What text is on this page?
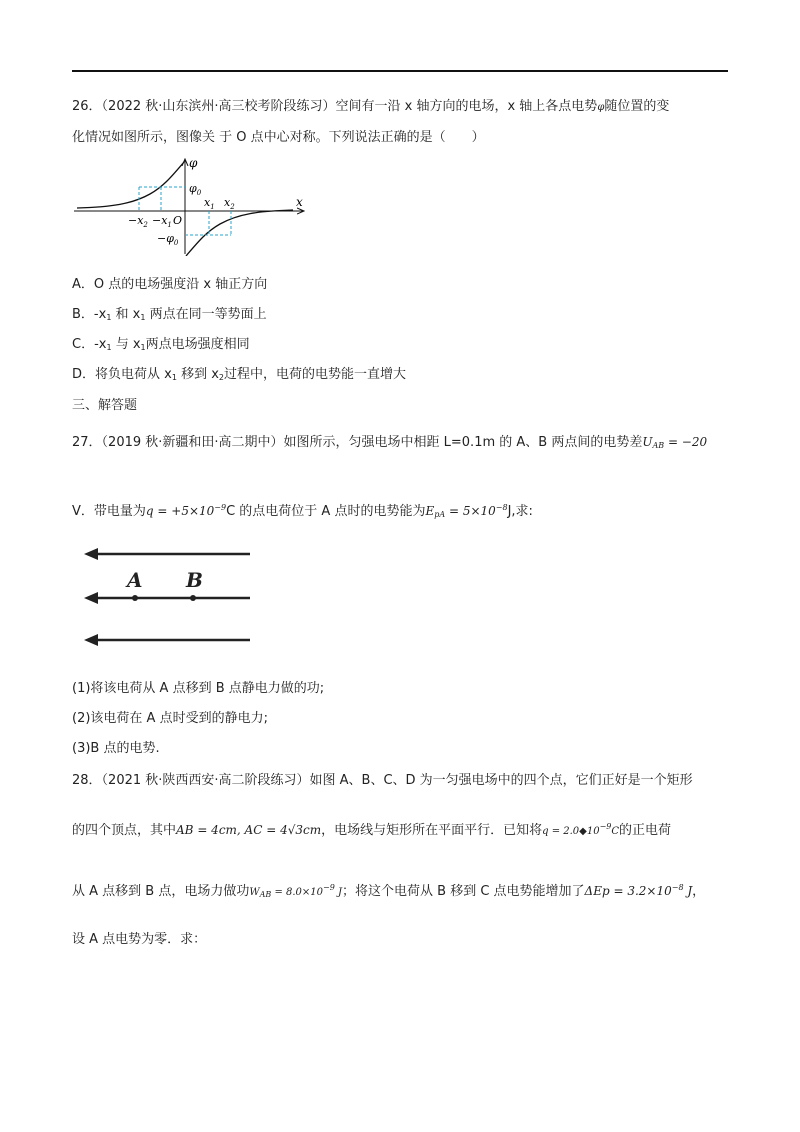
26．（2022 秋·山东滨州·高三校考阶段练习）空间有一沿 x 轴方向的电场，x 轴上各点电势φ随位置的变
化情况如图所示，图像关 于 O 点中心对称。下列说法正确的是（　　）
φ
$\varphi_0$
$-\varphi_0$
x
$x_1$ $x_2$
$-x_2 -x_1$ O
A．O 点的电场强度沿 x 轴正方向
B．$-x_1$ 和 $x_1$ 两点在同一等势面上
C．$-x_1$ 与 $x_1$两点电场强度相同
D．将负电荷从 $x_1$ 移到 $x_2$过程中，电荷的电势能一直增大
三、解答题
27．（2019 秋·新疆和田·高二期中）如图所示，匀强电场中相距 L=0.1m 的 A、B 两点间的电势差$U_{AB} = -20$
V．带电量为$q = +5\times 10^{-9}C$ 的点电荷位于 A 点时的电势能为$E_{pA} = 5\times 10^{-8}J$,求:
A B
(1)将该电荷从 A 点移到 B 点静电力做的功;
(2)该电荷在 A 点时受到的静电力;
(3)B 点的电势.
28．（2021 秋·陕西西安·高二阶段练习）如图 A、B、C、D 为一匀强电场中的四个点，它们正好是一个矩形
的四个顶点，其中AB = 4cm, AC = 4√3cm，电场线与矩形所在平面平行．已知将$q = 2.0◆10^{-9}C$的正电荷
从 A 点移到 B 点，电场力做功$W_{AB} = 8.0\times 10^{-9}$ J；将这个电荷从 B 移到 C 点电势能增加了$\Delta Ep = 3.2\times 10^{-8}$ J，
设 A 点电势为零．求：
